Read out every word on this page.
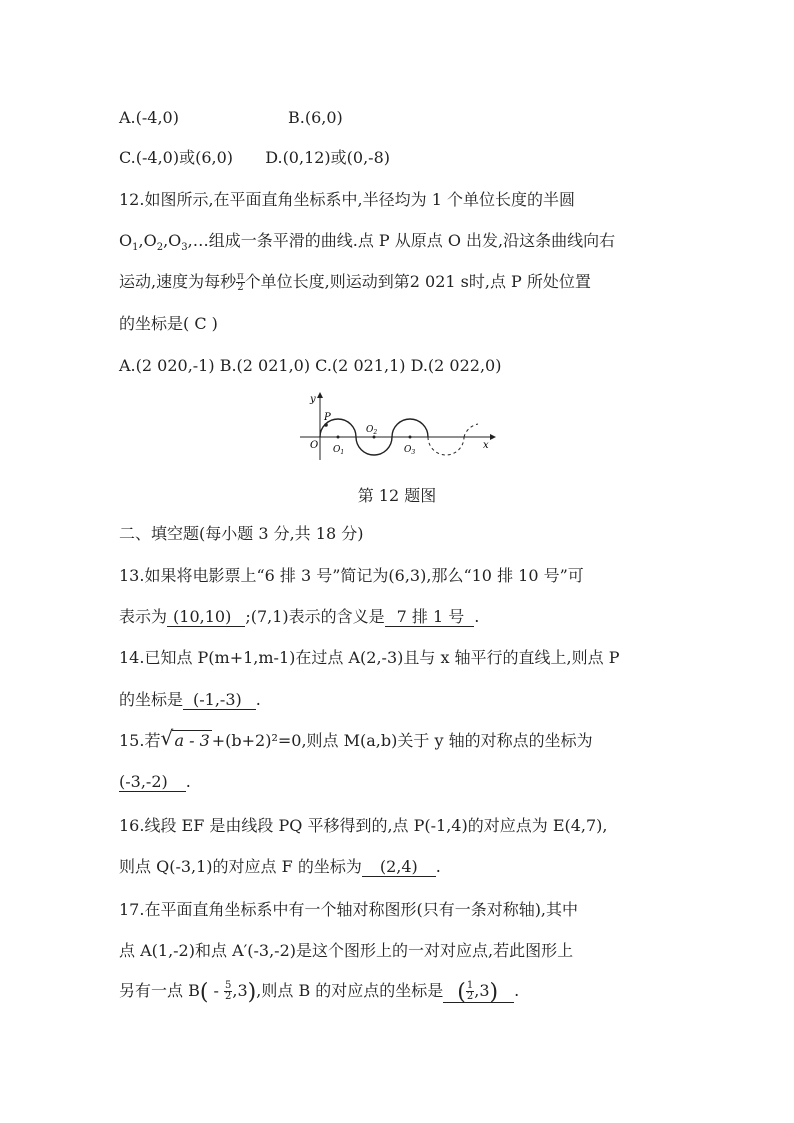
A.(-4,0)	B.(6,0)
C.(-4,0)或(6,0) D.(0,12)或(0,-8)
12.如图所示,在平面直角坐标系中,半径均为 1 个单位长度的半圆
$O_1,O_2,O_3,\dots$组成一条平滑的曲线.点 P 从原点 O 出发,沿这条曲线向右
运动,速度为每秒 $\frac{\pi}{2}$ 个单位长度,则运动到第2 021 s时,点 P 所处位置
的坐标是( C )
A.(2 020,-1) B.(2 021,0) C.(2 021,1) D.(2 022,0)
y
x
P
O $O_1$
$O_2$
$O_3$
第 12 题图
二、填空题(每小题 3 分,共 18 分)
13.如果将电影票上“6 排 3 号”简记为(6,3),那么“10 排 10 号”可
表示为 (10,10) ;(7,1)表示的含义是 7 排 1 号 .
14.已知点 P(m+1,m-1)在过点 A(2,-3)且与 x 轴平行的直线上,则点 P
的坐标是 (-1,-3) .
15.若 √ a - 3 +(b+2)²=0,则点 M(a,b)关于 y 轴的对称点的坐标为
(-3,-2) .
16.线段 EF 是由线段 PQ 平移得到的,点 P(-1,4)的对应点为 E(4,7),
则点 Q(-3,1)的对应点 F 的坐标为 (2,4) .
17.在平面直角坐标系中有一个轴对称图形(只有一条对称轴),其中
点 A(1,-2)和点 A′(-3,-2)是这个图形上的一对对应点,若此图形上
另有一点 $B( - \frac{5}{2} ,3)$,则点 B 的对应点的坐标是 ( $\frac{1}{2} ,3$) .
